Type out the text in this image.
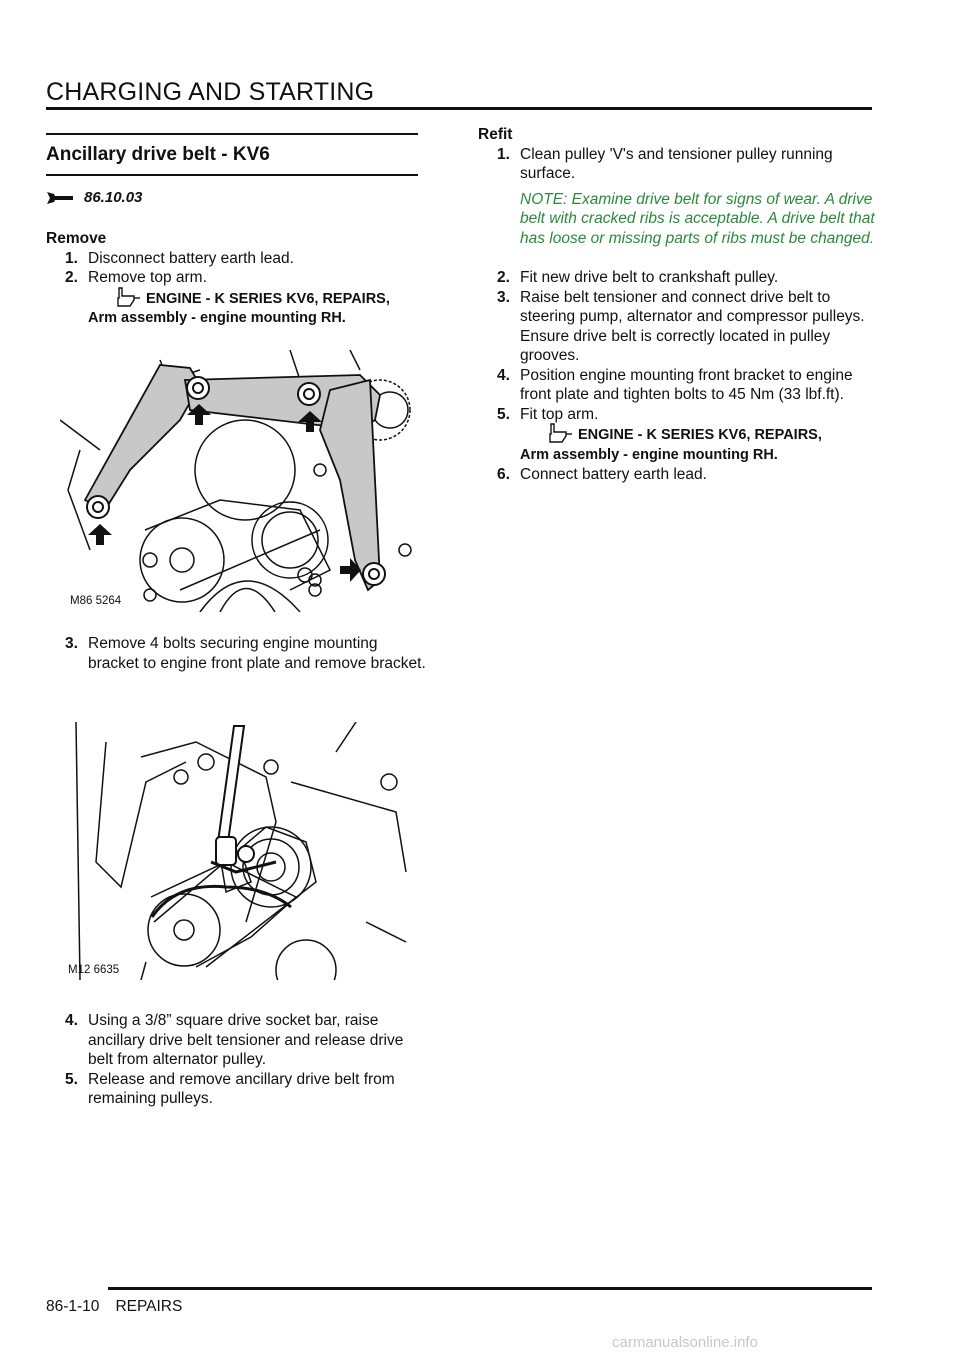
CHARGING AND STARTING
Ancillary drive belt - KV6
86.10.03
Remove
1. Disconnect battery earth lead.
2. Remove top arm.
ENGINE - K SERIES KV6, REPAIRS,
Arm assembly - engine mounting RH.
M86 5264
3. Remove 4 bolts securing engine mounting bracket to engine front plate and remove bracket.
M12 6635
4. Using a 3/8” square drive socket bar, raise ancillary drive belt tensioner and release drive belt from alternator pulley.
5. Release and remove ancillary drive belt from remaining pulleys.
Refit
1. Clean pulley 'V's and tensioner pulley running surface.
NOTE: Examine drive belt for signs of wear. A drive belt with cracked ribs is acceptable. A drive belt that has loose or missing parts of ribs must be changed.
2. Fit new drive belt to crankshaft pulley.
3. Raise belt tensioner and connect drive belt to steering pump, alternator and compressor pulleys. Ensure drive belt is correctly located in pulley grooves.
4. Position engine mounting front bracket to engine front plate and tighten bolts to 45 Nm (33 lbf.ft).
5. Fit top arm.
ENGINE - K SERIES KV6, REPAIRS,
Arm assembly - engine mounting RH.
6. Connect battery earth lead.
86-1-10 REPAIRS
carmanualsonline.info
